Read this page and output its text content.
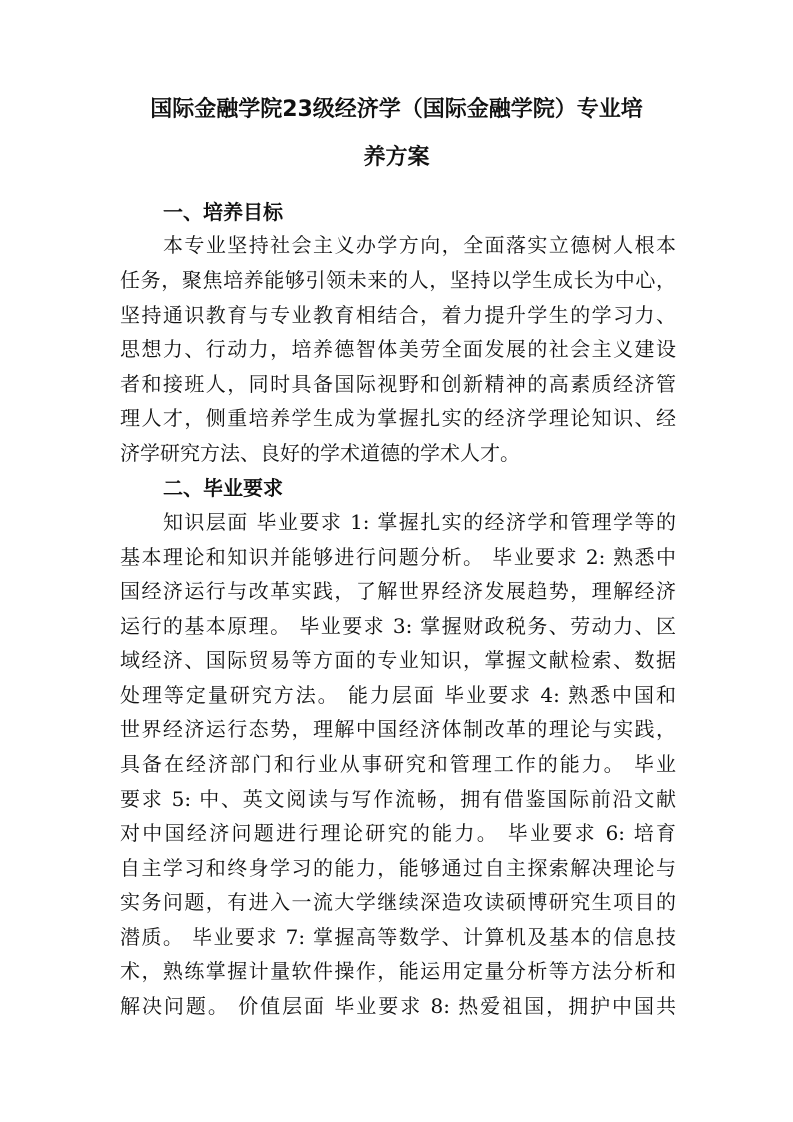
国际金融学院23级经济学（国际金融学院）专业培
养方案
一、培养目标
本专业坚持社会主义办学方向，全面落实立德树人根本
任务，聚焦培养能够引领未来的人，坚持以学生成长为中心，
坚持通识教育与专业教育相结合，着力提升学生的学习力、
思想力、行动力，培养德智体美劳全面发展的社会主义建设
者和接班人，同时具备国际视野和创新精神的高素质经济管
理人才，侧重培养学生成为掌握扎实的经济学理论知识、经
济学研究方法、良好的学术道德的学术人才。
二、毕业要求
知识层面 毕业要求 1: 掌握扎实的经济学和管理学等的
基本理论和知识并能够进行问题分析。 毕业要求 2: 熟悉中
国经济运行与改革实践，了解世界经济发展趋势，理解经济
运行的基本原理。 毕业要求 3: 掌握财政税务、劳动力、区
域经济、国际贸易等方面的专业知识，掌握文献检索、数据
处理等定量研究方法。 能力层面 毕业要求 4: 熟悉中国和
世界经济运行态势，理解中国经济体制改革的理论与实践，
具备在经济部门和行业从事研究和管理工作的能力。 毕业
要求 5: 中、英文阅读与写作流畅，拥有借鉴国际前沿文献
对中国经济问题进行理论研究的能力。 毕业要求 6: 培育
自主学习和终身学习的能力，能够通过自主探索解决理论与
实务问题，有进入一流大学继续深造攻读硕博研究生项目的
潜质。 毕业要求 7: 掌握高等数学、计算机及基本的信息技
术，熟练掌握计量软件操作，能运用定量分析等方法分析和
解决问题。 价值层面 毕业要求 8: 热爱祖国，拥护中国共
